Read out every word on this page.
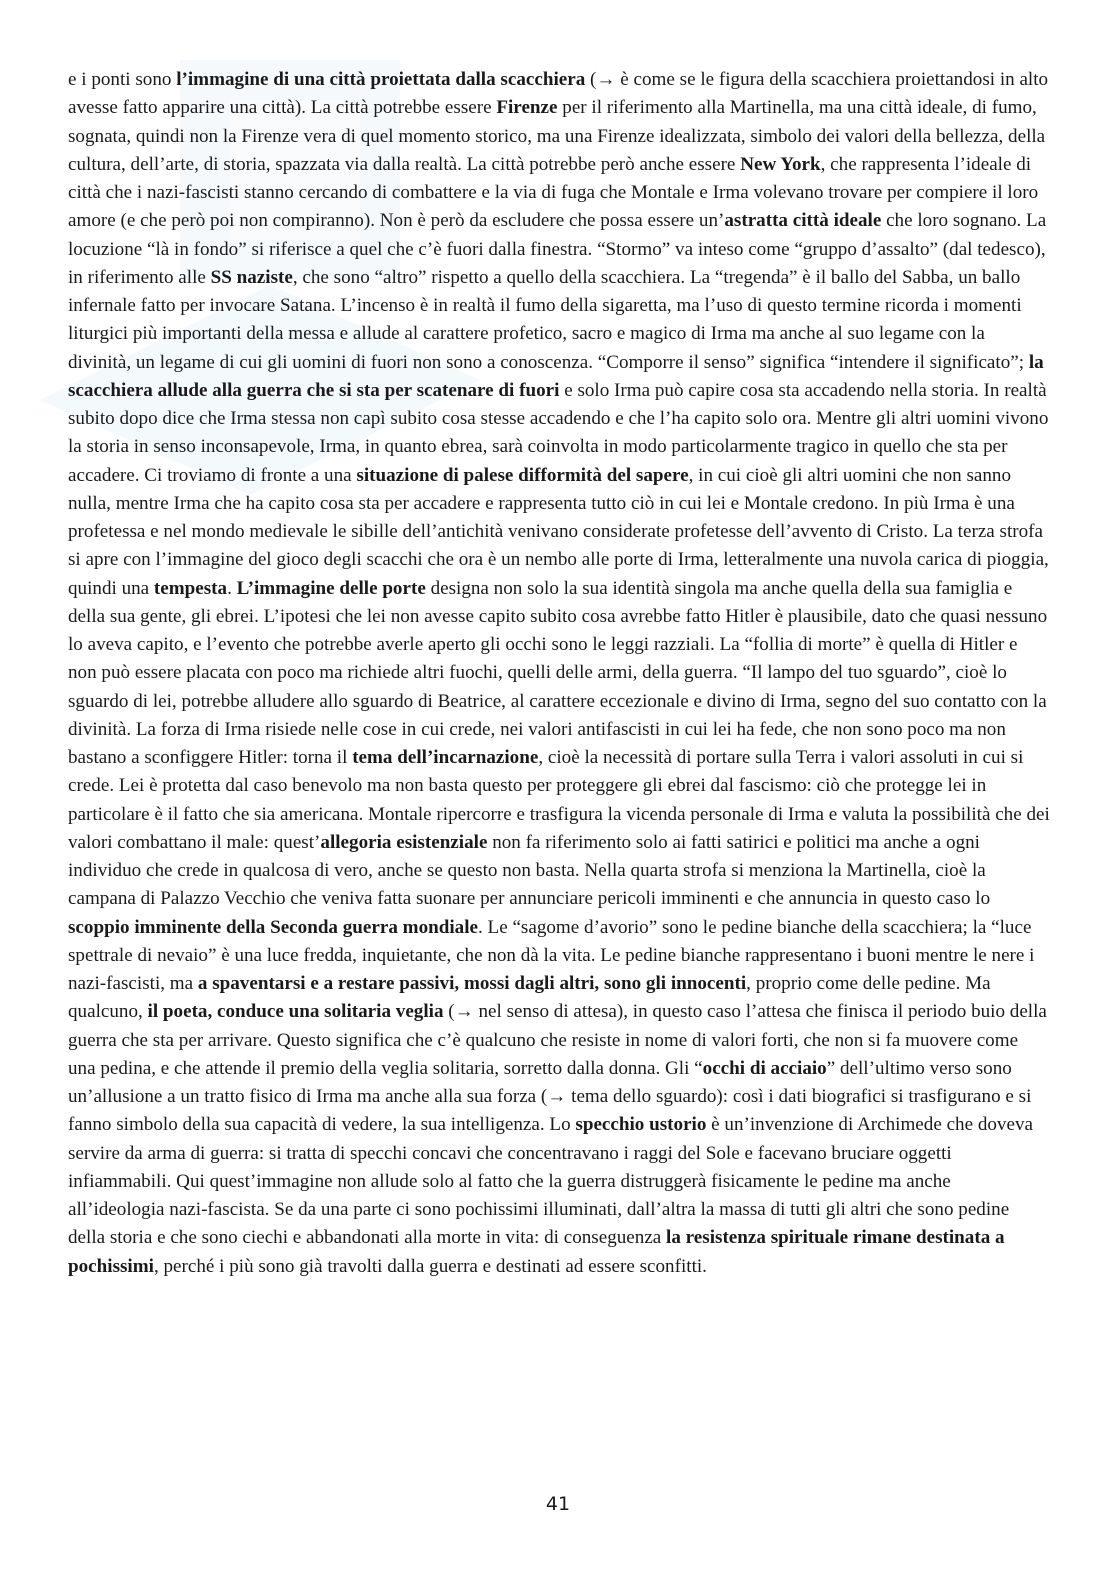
e i ponti sono l’immagine di una città proiettata dalla scacchiera (→ è come se le figura della scacchiera proiettandosi in alto avesse fatto apparire una città). La città potrebbe essere Firenze per il riferimento alla Martinella, ma una città ideale, di fumo, sognata, quindi non la Firenze vera di quel momento storico, ma una Firenze idealizzata, simbolo dei valori della bellezza, della cultura, dell’arte, di storia, spazzata via dalla realtà. La città potrebbe però anche essere New York, che rappresenta l’ideale di città che i nazi-fascisti stanno cercando di combattere e la via di fuga che Montale e Irma volevano trovare per compiere il loro amore (e che però poi non compiranno). Non è però da escludere che possa essere un’astratta città ideale che loro sognano. La locuzione “là in fondo” si riferisce a quel che c’è fuori dalla finestra. “Stormo” va inteso come “gruppo d’assalto” (dal tedesco), in riferimento alle SS naziste, che sono “altro” rispetto a quello della scacchiera. La “tregenda” è il ballo del Sabba, un ballo infernale fatto per invocare Satana. L’incenso è in realtà il fumo della sigaretta, ma l’uso di questo termine ricorda i momenti liturgici più importanti della messa e allude al carattere profetico, sacro e magico di Irma ma anche al suo legame con la divinità, un legame di cui gli uomini di fuori non sono a conoscenza. “Comporre il senso” significa “intendere il significato”; la scacchiera allude alla guerra che si sta per scatenare di fuori e solo Irma può capire cosa sta accadendo nella storia. In realtà subito dopo dice che Irma stessa non capì subito cosa stesse accadendo e che l’ha capito solo ora. Mentre gli altri uomini vivono la storia in senso inconsapevole, Irma, in quanto ebrea, sarà coinvolta in modo particolarmente tragico in quello che sta per accadere. Ci troviamo di fronte a una situazione di palese difformità del sapere, in cui cioè gli altri uomini che non sanno nulla, mentre Irma che ha capito cosa sta per accadere e rappresenta tutto ciò in cui lei e Montale credono. In più Irma è una profetessa e nel mondo medievale le sibille dell’antichità venivano considerate profetesse dell’avvento di Cristo. La terza strofa si apre con l’immagine del gioco degli scacchi che ora è un nembo alle porte di Irma, letteralmente una nuvola carica di pioggia, quindi una tempesta. L’immagine delle porte designa non solo la sua identità singola ma anche quella della sua famiglia e della sua gente, gli ebrei. L’ipotesi che lei non avesse capito subito cosa avrebbe fatto Hitler è plausibile, dato che quasi nessuno lo aveva capito, e l’evento che potrebbe averle aperto gli occhi sono le leggi razziali. La “follia di morte” è quella di Hitler e non può essere placata con poco ma richiede altri fuochi, quelli delle armi, della guerra. “Il lampo del tuo sguardo”, cioè lo sguardo di lei, potrebbe alludere allo sguardo di Beatrice, al carattere eccezionale e divino di Irma, segno del suo contatto con la divinità. La forza di Irma risiede nelle cose in cui crede, nei valori antifascisti in cui lei ha fede, che non sono poco ma non bastano a sconfiggere Hitler: torna il tema dell’incarnazione, cioè la necessità di portare sulla Terra i valori assoluti in cui si crede. Lei è protetta dal caso benevolo ma non basta questo per proteggere gli ebrei dal fascismo: ciò che protegge lei in particolare è il fatto che sia americana. Montale ripercorre e trasfigura la vicenda personale di Irma e valuta la possibilità che dei valori combattano il male: quest’allegoria esistenziale non fa riferimento solo ai fatti satirici e politici ma anche a ogni individuo che crede in qualcosa di vero, anche se questo non basta. Nella quarta strofa si menziona la Martinella, cioè la campana di Palazzo Vecchio che veniva fatta suonare per annunciare pericoli imminenti e che annuncia in questo caso lo scoppio imminente della Seconda guerra mondiale. Le “sagome d’avorio” sono le pedine bianche della scacchiera; la “luce spettrale di nevaio” è una luce fredda, inquietante, che non dà la vita. Le pedine bianche rappresentano i buoni mentre le nere i nazi-fascisti, ma a spaventarsi e a restare passivi, mossi dagli altri, sono gli innocenti, proprio come delle pedine. Ma qualcuno, il poeta, conduce una solitaria veglia (→ nel senso di attesa), in questo caso l’attesa che finisca il periodo buio della guerra che sta per arrivare. Questo significa che c’è qualcuno che resiste in nome di valori forti, che non si fa muovere come una pedina, e che attende il premio della veglia solitaria, sorretto dalla donna. Gli “occhi di acciaio” dell’ultimo verso sono un’allusione a un tratto fisico di Irma ma anche alla sua forza (→ tema dello sguardo): così i dati biografici si trasfigurano e si fanno simbolo della sua capacità di vedere, la sua intelligenza. Lo specchio ustorio è un’invenzione di Archimede che doveva servire da arma di guerra: si tratta di specchi concavi che concentravano i raggi del Sole e facevano bruciare oggetti infiammabili. Qui quest’immagine non allude solo al fatto che la guerra distruggerà fisicamente le pedine ma anche all’ideologia nazi-fascista. Se da una parte ci sono pochissimi illuminati, dall’altra la massa di tutti gli altri che sono pedine della storia e che sono ciechi e abbandonati alla morte in vita: di conseguenza la resistenza spirituale rimane destinata a pochissimi, perché i più sono già travolti dalla guerra e destinati ad essere sconfitti.

41
